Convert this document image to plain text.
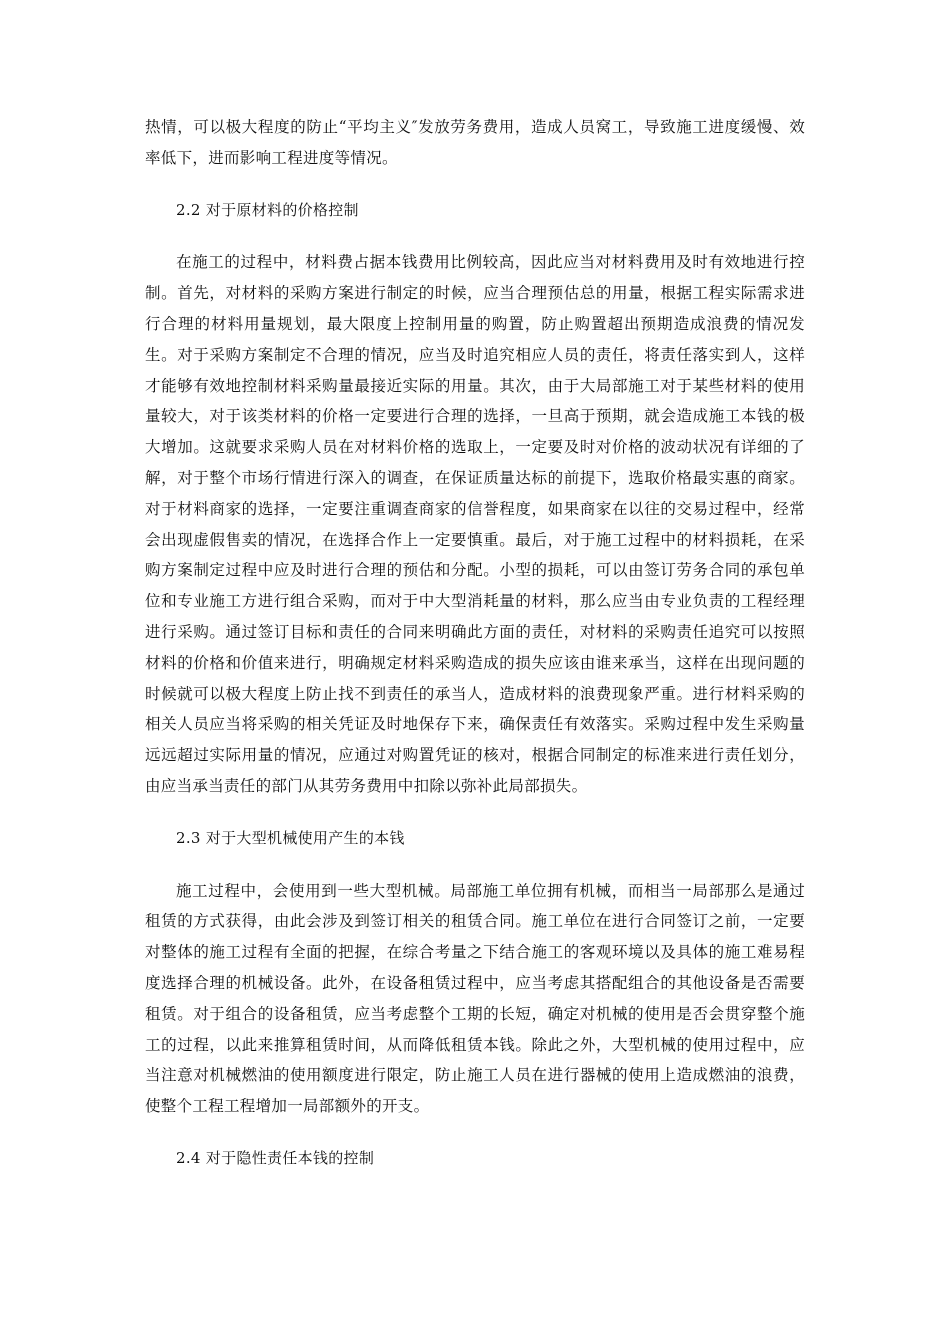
热情，可以极大程度的防止“平均主义″发放劳务费用，造成人员窝工，导致施工进度缓慢、效率低下，进而影响工程进度等情况。

2.2 对于原材料的价格控制

在施工的过程中，材料费占据本钱费用比例较高，因此应当对材料费用及时有效地进行控制。首先，对材料的采购方案进行制定的时候，应当合理预估总的用量，根据工程实际需求进行合理的材料用量规划，最大限度上控制用量的购置，防止购置超出预期造成浪费的情况发生。对于采购方案制定不合理的情况，应当及时追究相应人员的责任，将责任落实到人，这样才能够有效地控制材料采购量最接近实际的用量。其次，由于大局部施工对于某些材料的使用量较大，对于该类材料的价格一定要进行合理的选择，一旦高于预期，就会造成施工本钱的极大增加。这就要求采购人员在对材料价格的选取上，一定要及时对价格的波动状况有详细的了解，对于整个市场行情进行深入的调查，在保证质量达标的前提下，选取价格最实惠的商家。对于材料商家的选择，一定要注重调查商家的信誉程度，如果商家在以往的交易过程中，经常会出现虚假售卖的情况，在选择合作上一定要慎重。最后，对于施工过程中的材料损耗，在采购方案制定过程中应及时进行合理的预估和分配。小型的损耗，可以由签订劳务合同的承包单位和专业施工方进行组合采购，而对于中大型消耗量的材料，那么应当由专业负责的工程经理进行采购。通过签订目标和责任的合同来明确此方面的责任，对材料的采购责任追究可以按照材料的价格和价值来进行，明确规定材料采购造成的损失应该由谁来承当，这样在出现问题的时候就可以极大程度上防止找不到责任的承当人，造成材料的浪费现象严重。进行材料采购的相关人员应当将采购的相关凭证及时地保存下来，确保责任有效落实。采购过程中发生采购量远远超过实际用量的情况，应通过对购置凭证的核对，根据合同制定的标准来进行责任划分，由应当承当责任的部门从其劳务费用中扣除以弥补此局部损失。

2.3 对于大型机械使用产生的本钱

施工过程中，会使用到一些大型机械。局部施工单位拥有机械，而相当一局部那么是通过租赁的方式获得，由此会涉及到签订相关的租赁合同。施工单位在进行合同签订之前，一定要对整体的施工过程有全面的把握，在综合考量之下结合施工的客观环境以及具体的施工难易程度选择合理的机械设备。此外，在设备租赁过程中，应当考虑其搭配组合的其他设备是否需要租赁。对于组合的设备租赁，应当考虑整个工期的长短，确定对机械的使用是否会贯穿整个施工的过程，以此来推算租赁时间，从而降低租赁本钱。除此之外，大型机械的使用过程中，应当注意对机械燃油的使用额度进行限定，防止施工人员在进行器械的使用上造成燃油的浪费，使整个工程工程增加一局部额外的开支。

2.4 对于隐性责任本钱的控制
